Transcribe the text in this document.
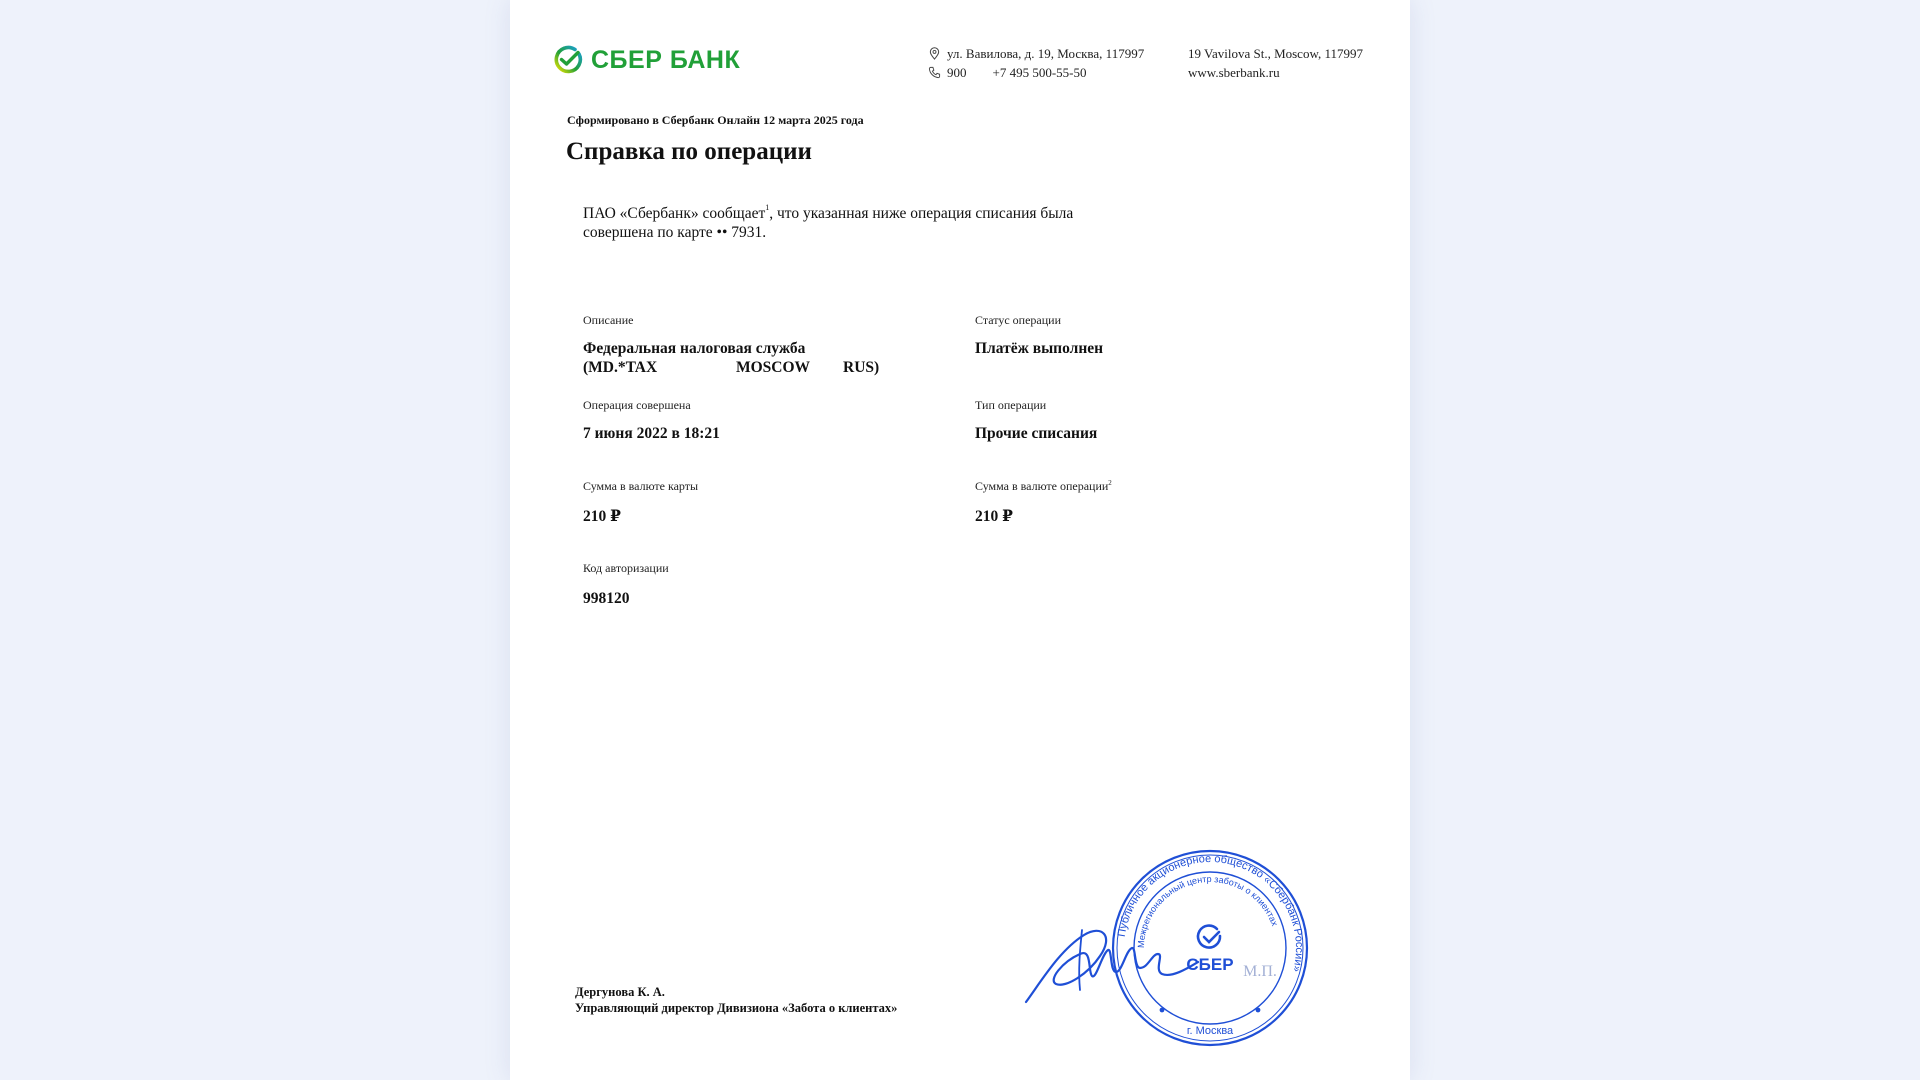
СБЕР БАНК	ул. Вавилова, д. 19, Москва, 117997
900 +7 495 500-55-50
19 Vavilova St., Moscow, 117997
www.sberbank.ru
Сформировано в Сбербанк Онлайн 12 марта 2025 года
Справка по операции
ПАО «Сбербанк» сообщает$^1$, что указанная ниже операция списания была совершена по карте •• 7931.
Описание
Федеральная налоговая служба
(MD.*TAX	MOSCOW	RUS)
Статус операции
Платёж выполнен
Операция совершена
7 июня 2022 в 18:21
Тип операции
Прочие списания
Сумма в валюте карты
210 ₽
Сумма в валюте операции$^2$
210 ₽
Код авторизации
998120
Публичное акционерное общество «Сбербанк России»
Межрегиональный центр заботы о клиентах
СБЕР М.П.
г. Москва
Дергунова К. А.
Управляющий директор Дивизиона «Забота о клиентах»
